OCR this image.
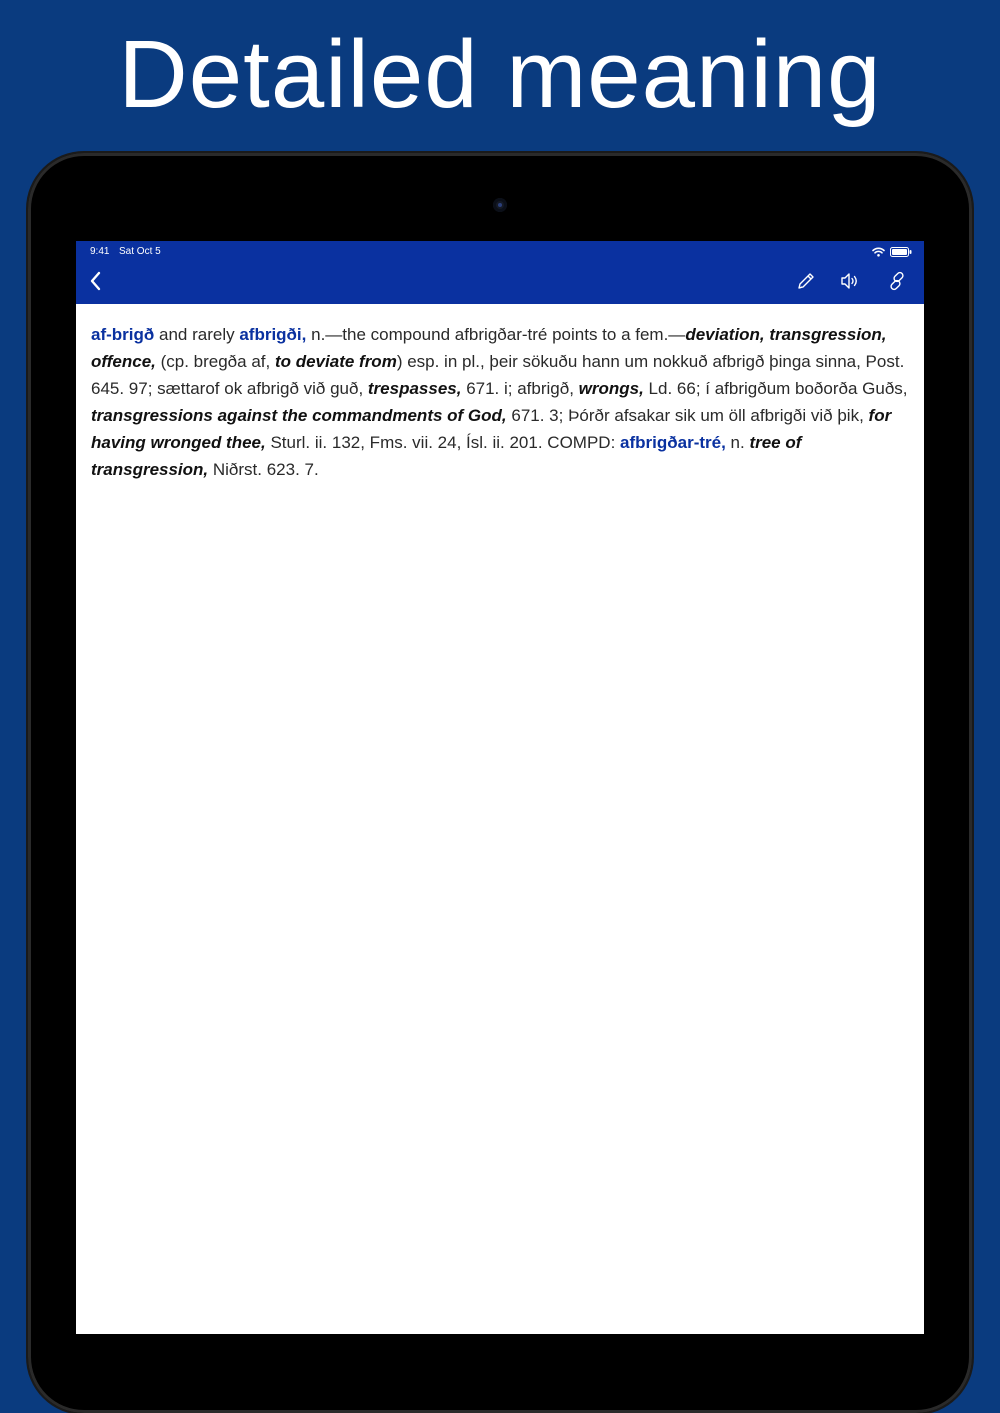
Detailed meaning
9:41 Sat Oct 5

af-brigð and rarely afbrigði, n.—the compound afbrigðar-tré points to a fem.—deviation, transgression, offence, (cp. bregða af, to deviate from) esp. in pl., þeir sökuðu hann um nokkuð afbrigð þinga sinna, Post. 645. 97; sættarof ok afbrigð við guð, trespasses, 671. i; afbrigð, wrongs, Ld. 66; í afbrigðum boðorða Guðs, transgressions against the commandments of God, 671. 3; Þórðr afsakar sik um öll afbrigði við þik, for having wronged thee, Sturl. ii. 132, Fms. vii. 24, Ísl. ii. 201. COMPD: afbrigðar-tré, n. tree of transgression, Niðrst. 623. 7.
